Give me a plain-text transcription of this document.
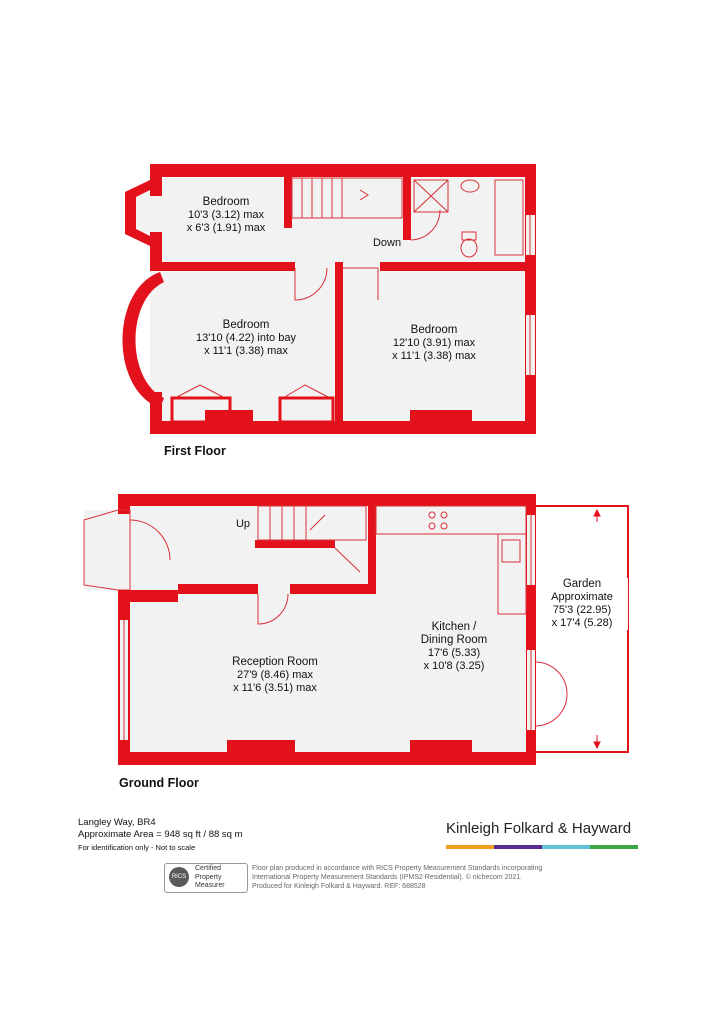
Bedroom
10'3 (3.12) max
x 6'3 (1.91) max
Down
Bedroom
13'10 (4.22) into bay
x 11'1 (3.38) max
Bedroom
12'10 (3.91) max
x 11'1 (3.38) max
First Floor
Up
Reception Room
27'9 (8.46) max
x 11'6 (3.51) max
Kitchen /
Dining Room
17'6 (5.33)
x 10'8 (3.25)
Garden
Approximate
75'3 (22.95)
x 17'4 (5.28)
Ground Floor
Langley Way, BR4
Approximate Area = 948 sq ft / 88 sq m
For identification only - Not to scale
Kinleigh Folkard & Hayward
RICS
Certified
Property
Measurer
Floor plan produced in accordance with RICS Property Measurement Standards incorporating
International Property Measurement Standards (IPMS2 Residential). © nichecom 2021.
Produced for Kinleigh Folkard & Hayward. REF: 688528
